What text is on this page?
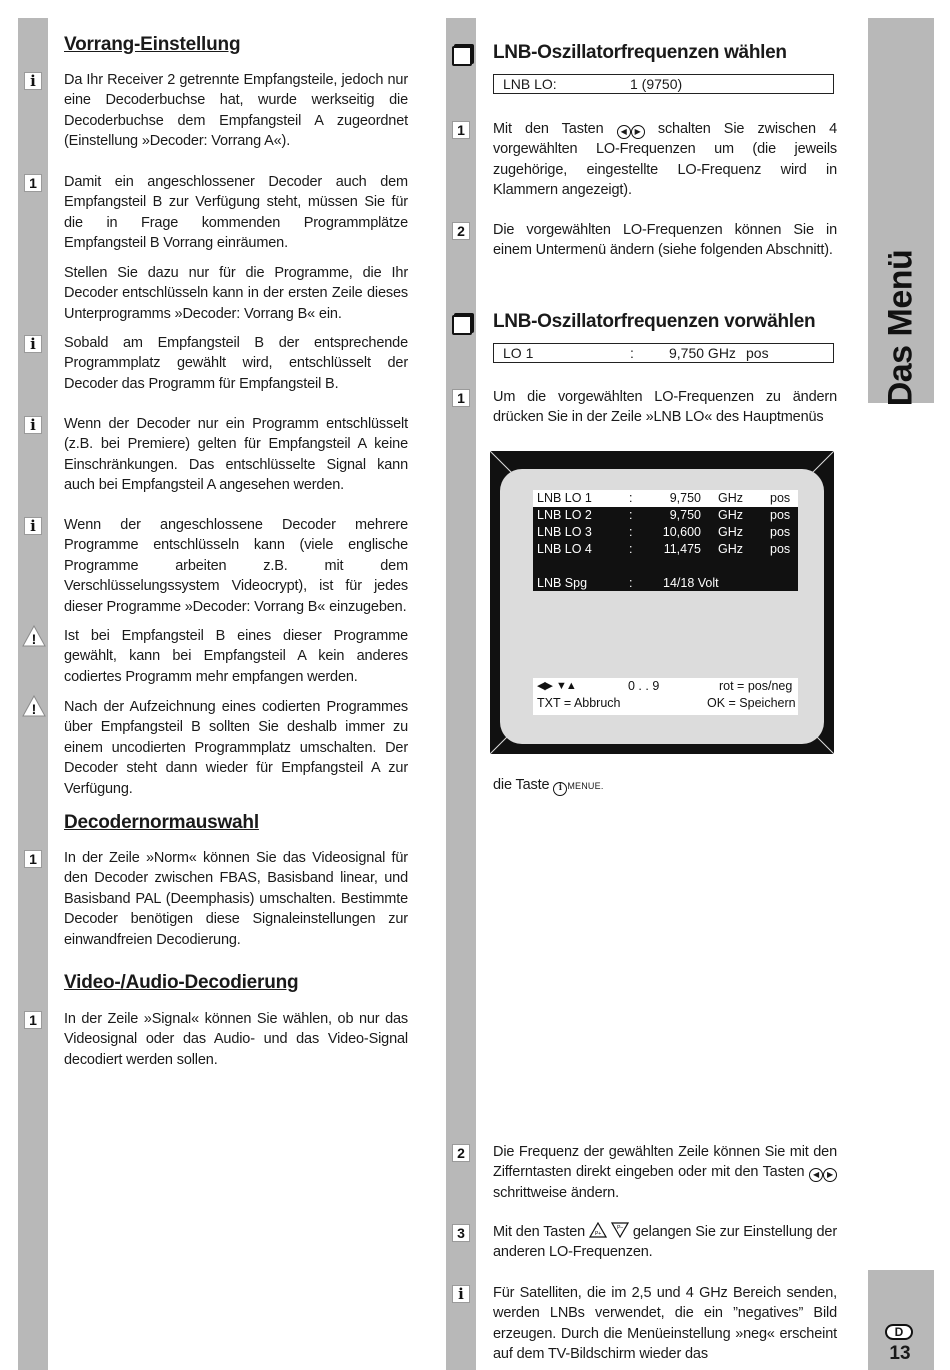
Das Menü
D
13
Vorrang-Einstellung
i	Da Ihr Receiver 2 getrennte Empfangsteile, jedoch nur eine Decoderbuchse hat, wurde werkseitig die Decoderbuchse dem Empfangsteil A zugeordnet (Einstellung »Decoder: Vorrang A«).

1	Damit ein angeschlossener Decoder auch dem Empfangsteil B zur Verfügung steht, müssen Sie für die in Frage kommenden Programmplätze Empfangsteil B Vorrang einräumen.

Stellen Sie dazu nur für die Programme, die Ihr Decoder entschlüsseln kann in der ersten Zeile dieses Unterprogramms »Decoder: Vorrang B« ein.

i	Sobald am Empfangsteil B der entsprechende Programmplatz gewählt wird, entschlüsselt der Decoder das Programm für Empfangsteil B.

i	Wenn der Decoder nur ein Programm entschlüsselt (z.B. bei Premiere) gelten für Empfangsteil A keine Einschränkungen. Das entschlüsselte Signal kann auch bei Empfangsteil A angesehen werden.

i	Wenn der angeschlossene Decoder mehrere Programme entschlüsseln kann (viele englische Programme arbeiten z.B. mit dem Verschlüsselungssystem Videocrypt), ist für jedes dieser Programme »Decoder: Vorrang B« einzugeben.

! Ist bei Empfangsteil B eines dieser Programme gewählt, kann bei Empfangsteil A kein anderes codiertes Programm mehr empfangen werden.

! Nach der Aufzeichnung eines codierten Programmes über Empfangsteil B sollten Sie deshalb immer zu einem uncodierten Programmplatz umschalten. Der Decoder steht dann wieder für Empfangsteil A zur Verfügung.

Decodernormauswahl
1	In der Zeile »Norm« können Sie das Videosignal für den Decoder zwischen FBAS, Basisband linear, und Basisband PAL (Deemphasis) umschalten. Bestimmte Decoder benötigen diese Signaleinstellungen zur einwandfreien Decodierung.

Video-/Audio-Decodierung
1	In der Zeile »Signal« können Sie wählen, ob nur das Videosignal oder das Audio- und das Video-Signal decodiert werden sollen.

LNB-Oszillatorfrequenzen wählen
LNB LO:	1 (9750)
1	Mit den Tasten ◀ ▶ schalten Sie zwischen 4 vorgewählten LO-Frequenzen um (die jeweils zugehörige, eingestellte LO-Frequenz wird in Klammern angezeigt).

2	Die vorgewählten LO-Frequenzen können Sie in einem Untermenü ändern (siehe folgenden Abschnitt).

LNB-Oszillatorfrequenzen vorwählen
LO 1	:	9,750 GHz pos
1	Um die vorgewählten LO-Frequenzen zu ändern drücken Sie in der Zeile »LNB LO« des Hauptmenüs

LNB LO 1	:	9,750 GHz pos
LNB LO 2	:	9,750 GHz pos
LNB LO 3	:	10,600 GHz pos
LNB LO 4	:	11,475 GHz pos
LNB Spg	: 14/18 Volt
◀▶  ▼▲	0 . . 9	rot = pos/neg
TXT = Abbruch	OK = Speichern

die Taste i MENUE.

2	Die Frequenz der gewählten Zeile können Sie mit den Zifferntasten direkt eingeben oder mit den Tasten ◀ ▶ schrittweise ändern.

3	Mit den Tasten P+

P– gelangen Sie zur Einstellung der anderen LO-Frequenzen.

i	Für Satelliten, die im 2,5 und 4 GHz Bereich senden, werden LNBs verwendet, die ein ”negatives” Bild erzeugen. Durch die Menüeinstellung »neg« erscheint auf dem TV-Bildschirm wieder das
